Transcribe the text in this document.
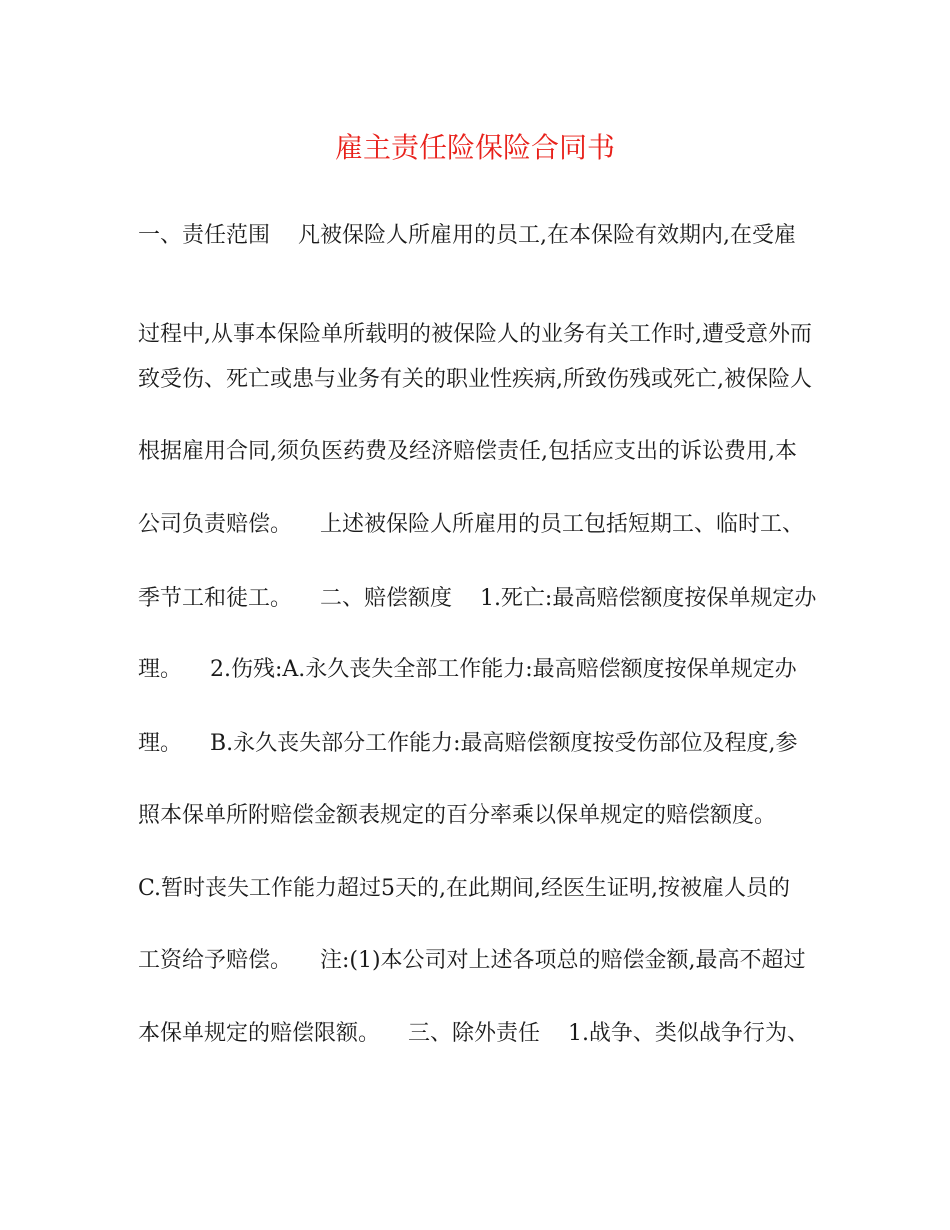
雇主责任险保险合同书
一、责任范围    凡被保险人所雇用的员工,在本保险有效期内,在受雇
过程中,从事本保险单所载明的被保险人的业务有关工作时,遭受意外而
致受伤、死亡或患与业务有关的职业性疾病,所致伤残或死亡,被保险人
根据雇用合同,须负医药费及经济赔偿责任,包括应支出的诉讼费用,本
公司负责赔偿。    上述被保险人所雇用的员工包括短期工、临时工、
季节工和徒工。    二、赔偿额度    1.死亡:最高赔偿额度按保单规定办
理。    2.伤残:A.永久丧失全部工作能力:最高赔偿额度按保单规定办
理。    B.永久丧失部分工作能力:最高赔偿额度按受伤部位及程度,参
照本保单所附赔偿金额表规定的百分率乘以保单规定的赔偿额度。
C.暂时丧失工作能力超过5天的,在此期间,经医生证明,按被雇人员的
工资给予赔偿。    注:(1)本公司对上述各项总的赔偿金额,最高不超过
本保单规定的赔偿限额。    三、除外责任    1.战争、类似战争行为、
